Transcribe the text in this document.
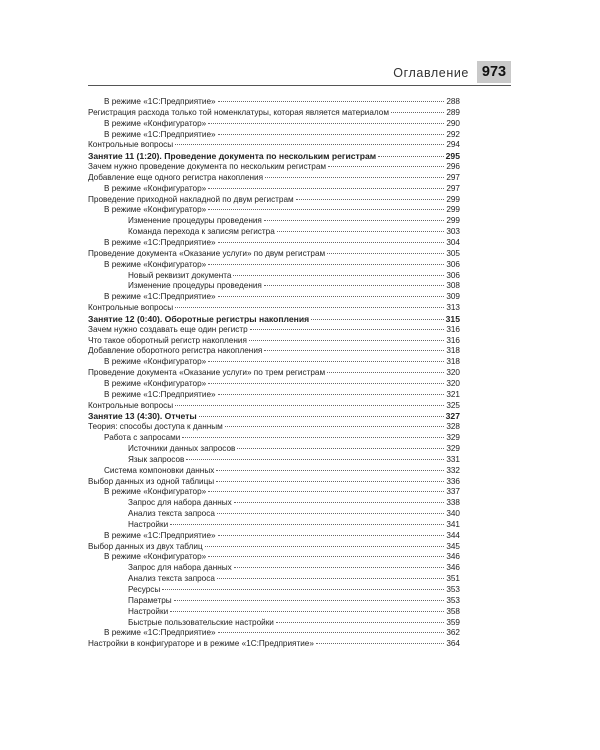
Оглавление 973
В режиме «1С:Предприятие»	288
Регистрация расхода только той номенклатуры, которая является материалом	289
В режиме «Конфигуратор»	290
В режиме «1С:Предприятие»	292
Контрольные вопросы	294
Занятие 11 (1:20). Проведение документа по нескольким регистрам	295
Зачем нужно проведение документа по нескольким регистрам	296
Добавление еще одного регистра накопления	297
В режиме «Конфигуратор»	297
Проведение приходной накладной по двум регистрам	299
В режиме «Конфигуратор»	299
Изменение процедуры проведения	299
Команда перехода к записям регистра	303
В режиме «1С:Предприятие»	304
Проведение документа «Оказание услуги» по двум регистрам	305
В режиме «Конфигуратор»	306
Новый реквизит документа	306
Изменение процедуры проведения	308
В режиме «1С:Предприятие»	309
Контрольные вопросы	313
Занятие 12 (0:40). Оборотные регистры накопления	315
Зачем нужно создавать еще один регистр	316
Что такое оборотный регистр накопления	316
Добавление оборотного регистра накопления	318
В режиме «Конфигуратор»	318
Проведение документа «Оказание услуги» по трем регистрам	320
В режиме «Конфигуратор»	320
В режиме «1С:Предприятие»	321
Контрольные вопросы	325
Занятие 13 (4:30). Отчеты	327
Теория: способы доступа к данным	328
Работа с запросами	329
Источники данных запросов	329
Язык запросов	331
Система компоновки данных	332
Выбор данных из одной таблицы	336
В режиме «Конфигуратор»	337
Запрос для набора данных	338
Анализ текста запроса	340
Настройки	341
В режиме «1С:Предприятие»	344
Выбор данных из двух таблиц	345
В режиме «Конфигуратор»	346
Запрос для набора данных	346
Анализ текста запроса	351
Ресурсы	353
Параметры	353
Настройки	358
Быстрые пользовательские настройки	359
В режиме «1С:Предприятие»	362
Настройки в конфигураторе и в режиме «1С:Предприятие»	364
